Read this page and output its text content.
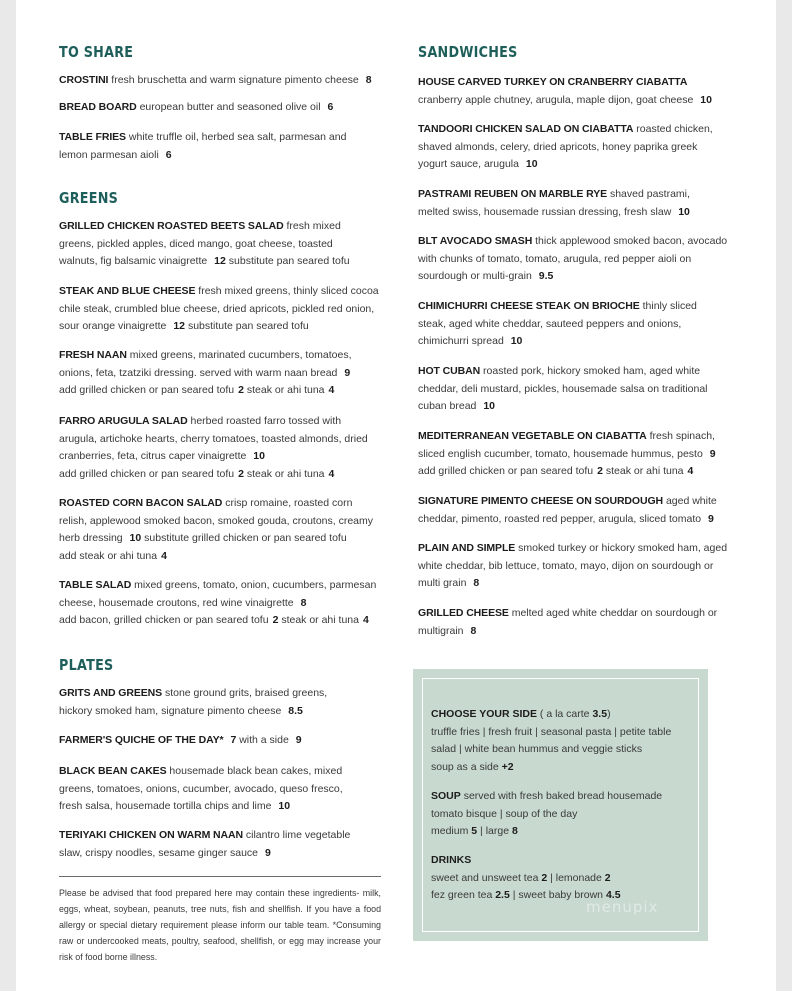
TO SHARE
CROSTINI fresh bruschetta and warm signature pimento cheese 8
BREAD BOARD european butter and seasoned olive oil 6
TABLE FRIES white truffle oil, herbed sea salt, parmesan and lemon parmesan aioli 6
GREENS
GRILLED CHICKEN ROASTED BEETS SALAD fresh mixed greens, pickled apples, diced mango, goat cheese, toasted walnuts, fig balsamic vinaigrette 12 substitute pan seared tofu
STEAK AND BLUE CHEESE fresh mixed greens, thinly sliced cocoa chile steak, crumbled blue cheese, dried apricots, pickled red onion, sour orange vinaigrette 12 substitute pan seared tofu
FRESH NAAN mixed greens, marinated cucumbers, tomatoes, onions, feta, tzatziki dressing. served with warm naan bread 9
add grilled chicken or pan seared tofu 2 steak or ahi tuna 4
FARRO ARUGULA SALAD herbed roasted farro tossed with arugula, artichoke hearts, cherry tomatoes, toasted almonds, dried cranberries, feta, citrus caper vinaigrette 10
add grilled chicken or pan seared tofu 2 steak or ahi tuna 4
ROASTED CORN BACON SALAD crisp romaine, roasted corn relish, applewood smoked bacon, smoked gouda, croutons, creamy herb dressing 10 substitute grilled chicken or pan seared tofu
add steak or ahi tuna 4
TABLE SALAD mixed greens, tomato, onion, cucumbers, parmesan cheese, housemade croutons, red wine vinaigrette 8
add bacon, grilled chicken or pan seared tofu 2 steak or ahi tuna 4
PLATES
GRITS AND GREENS stone ground grits, braised greens, hickory smoked ham, signature pimento cheese 8.5
FARMER'S QUICHE OF THE DAY* 7 with a side 9
BLACK BEAN CAKES housemade black bean cakes, mixed greens, tomatoes, onions, cucumber, avocado, queso fresco, fresh salsa, housemade tortilla chips and lime 10
TERIYAKI CHICKEN ON WARM NAAN cilantro lime vegetable slaw, crispy noodles, sesame ginger sauce 9
Please be advised that food prepared here may contain these ingredients- milk, eggs, wheat, soybean, peanuts, tree nuts, fish and shellfish. If you have a food allergy or special dietary requirement please inform our table team. *Consuming raw or undercooked meats, poultry, seafood, shellfish, or egg may increase your risk of food borne illness.
SANDWICHES
HOUSE CARVED TURKEY ON CRANBERRY CIABATTA cranberry apple chutney, arugula, maple dijon, goat cheese 10
TANDOORI CHICKEN SALAD ON CIABATTA roasted chicken, shaved almonds, celery, dried apricots, honey paprika greek yogurt sauce, arugula 10
PASTRAMI REUBEN ON MARBLE RYE shaved pastrami, melted swiss, housemade russian dressing, fresh slaw 10
BLT AVOCADO SMASH thick applewood smoked bacon, avocado with chunks of tomato, tomato, arugula, red pepper aioli on sourdough or multi-grain 9.5
CHIMICHURRI CHEESE STEAK ON BRIOCHE thinly sliced steak, aged white cheddar, sauteed peppers and onions, chimichurri spread 10
HOT CUBAN roasted pork, hickory smoked ham, aged white cheddar, deli mustard, pickles, housemade salsa on traditional cuban bread 10
MEDITERRANEAN VEGETABLE ON CIABATTA fresh spinach, sliced english cucumber, tomato, housemade hummus, pesto 9
add grilled chicken or pan seared tofu 2 steak or ahi tuna 4
SIGNATURE PIMENTO CHEESE ON SOURDOUGH aged white cheddar, pimento, roasted red pepper, arugula, sliced tomato 9
PLAIN AND SIMPLE smoked turkey or hickory smoked ham, aged white cheddar, bib lettuce, tomato, mayo, dijon on sourdough or multi grain 8
GRILLED CHEESE melted aged white cheddar on sourdough or multigrain 8
CHOOSE YOUR SIDE ( a la carte 3.5)
truffle fries | fresh fruit | seasonal pasta | petite table salad | white bean hummus and veggie sticks
soup as a side +2
SOUP served with fresh baked bread housemade tomato bisque | soup of the day
medium 5 | large 8
DRINKS
sweet and unsweet tea 2 | lemonade 2
fez green tea 2.5 | sweet baby brown 4.5
menupix
